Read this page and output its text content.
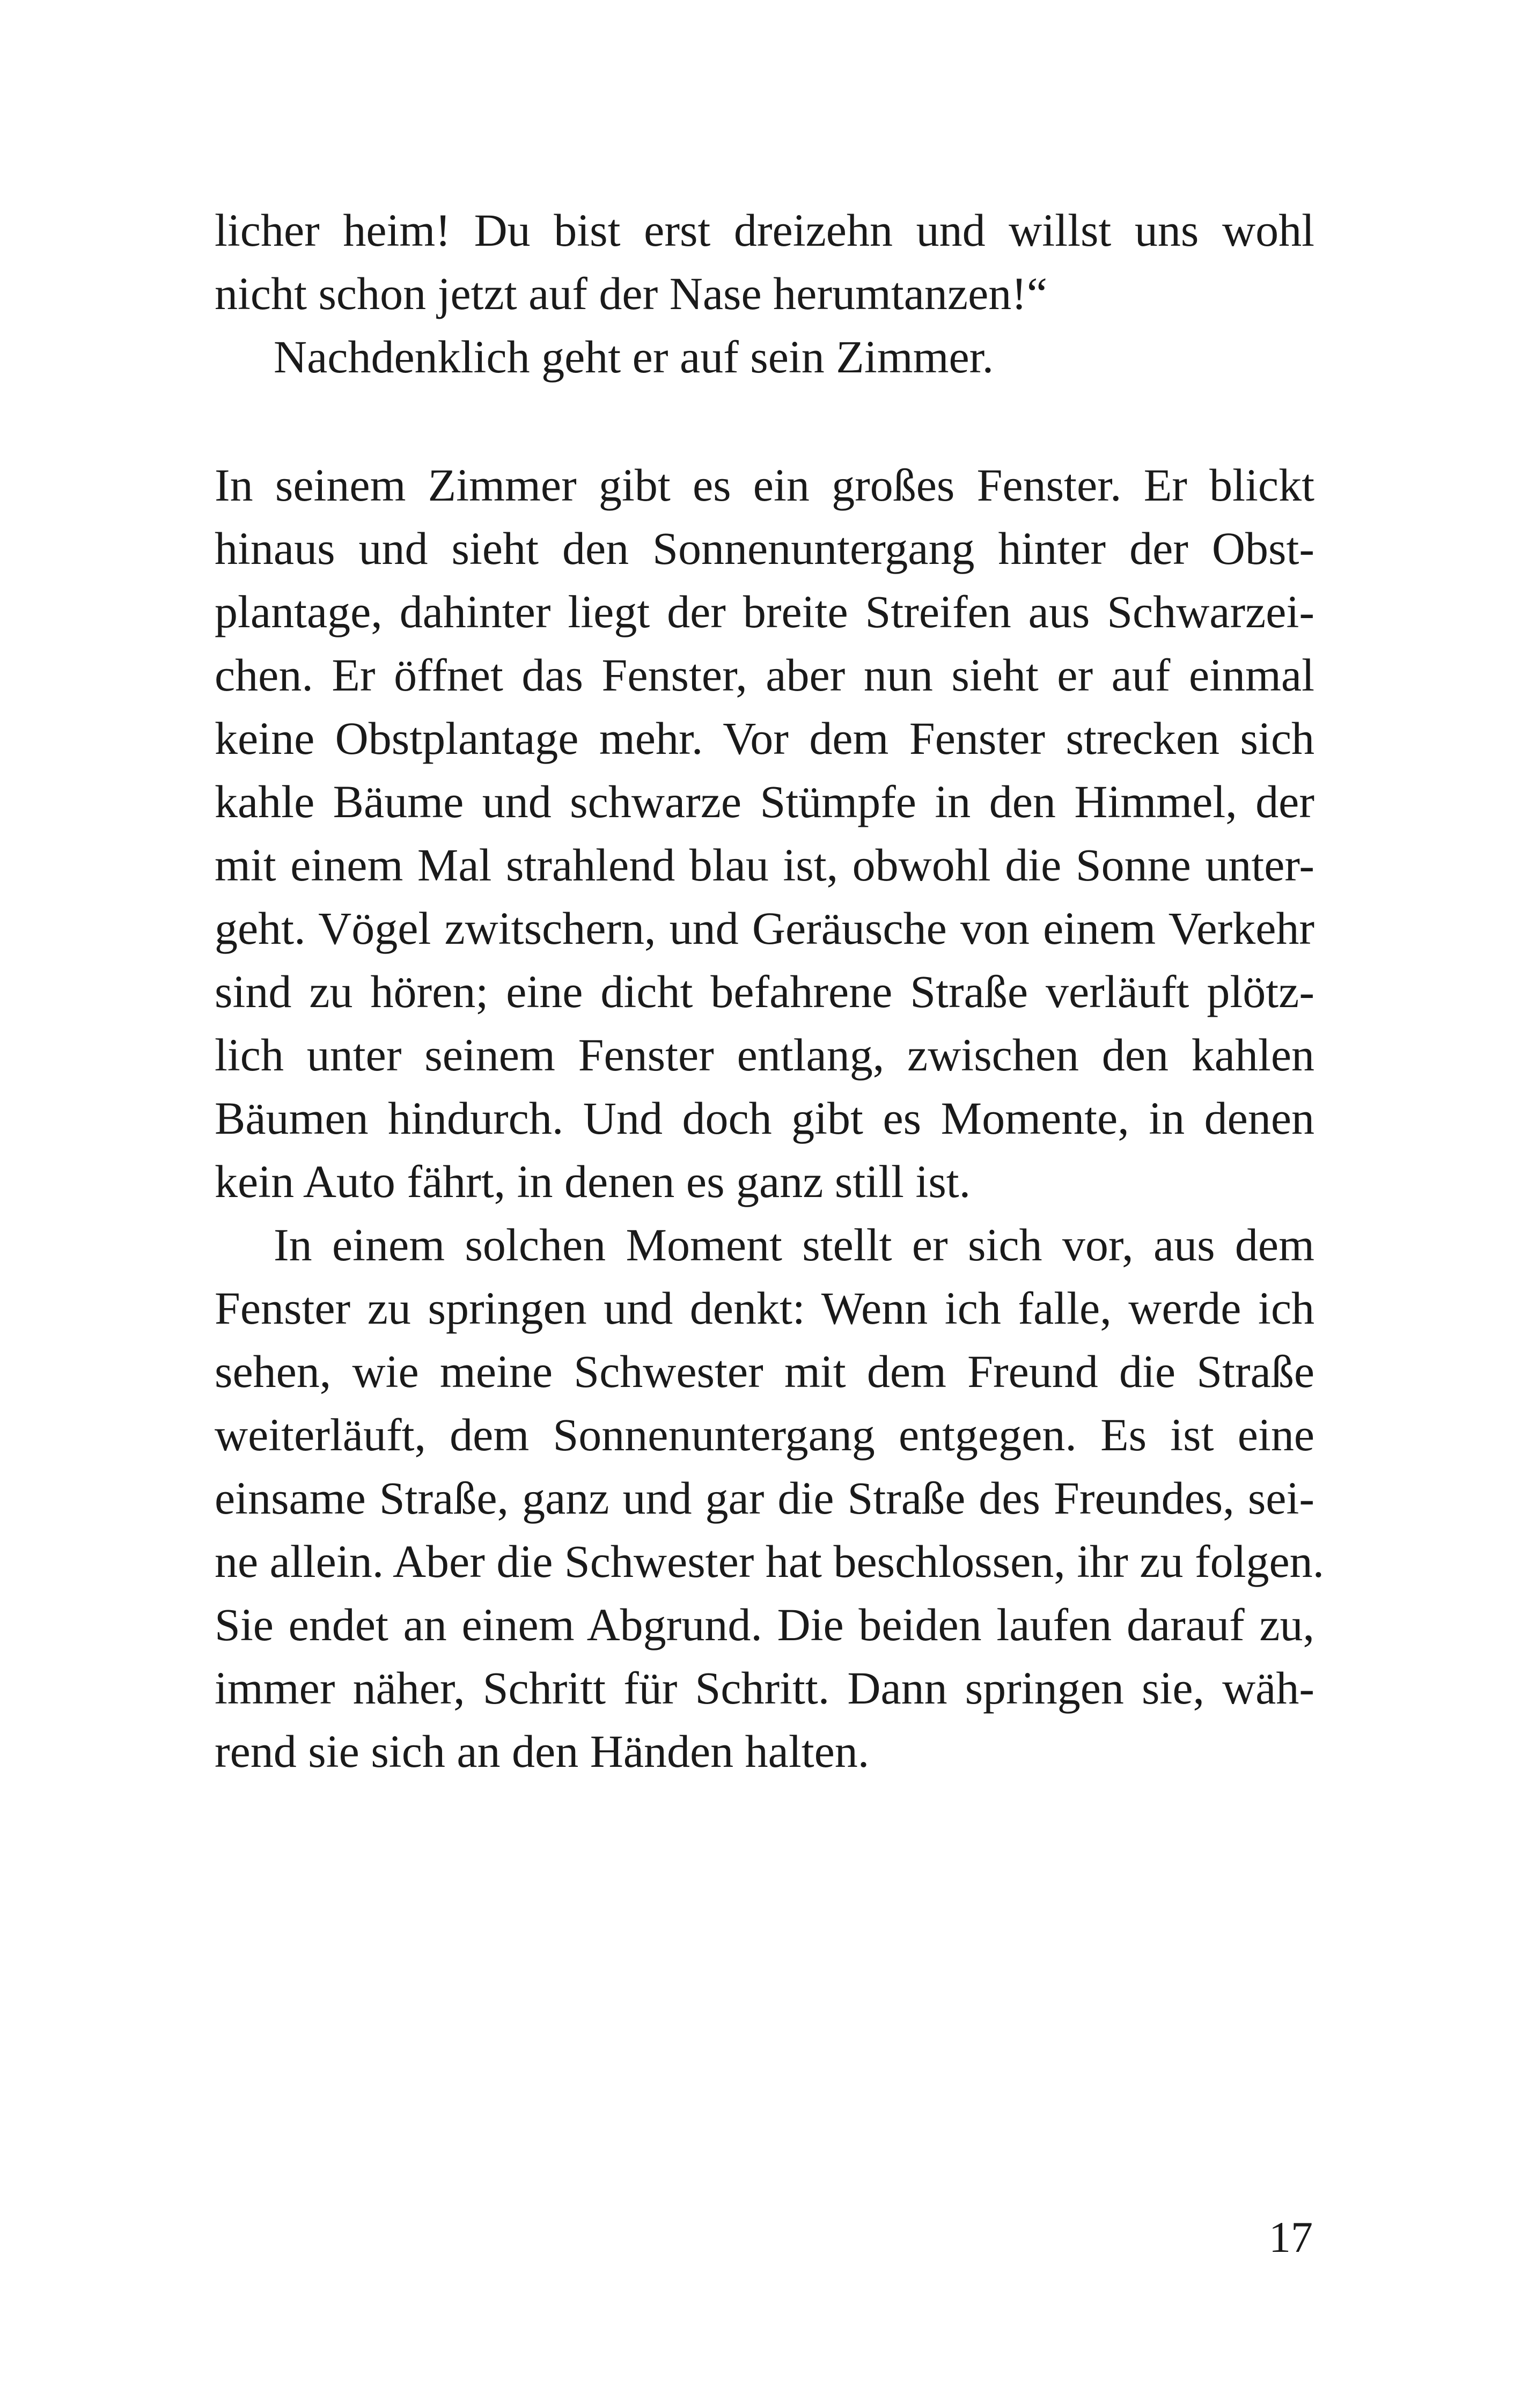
licher heim! Du bist erst dreizehn und willst uns wohl
nicht schon jetzt auf der Nase herumtanzen!“
Nachdenklich geht er auf sein Zimmer.
In seinem Zimmer gibt es ein großes Fenster. Er blickt
hinaus und sieht den Sonnenuntergang hinter der Obst-
plantage, dahinter liegt der breite Streifen aus Schwarzei-
chen. Er öffnet das Fenster, aber nun sieht er auf einmal
keine Obstplantage mehr. Vor dem Fenster strecken sich
kahle Bäume und schwarze Stümpfe in den Himmel, der
mit einem Mal strahlend blau ist, obwohl die Sonne unter-
geht. Vögel zwitschern, und Geräusche von einem Verkehr
sind zu hören; eine dicht befahrene Straße verläuft plötz-
lich unter seinem Fenster entlang, zwischen den kahlen
Bäumen hindurch. Und doch gibt es Momente, in denen
kein Auto fährt, in denen es ganz still ist.
In einem solchen Moment stellt er sich vor, aus dem
Fenster zu springen und denkt: Wenn ich falle, werde ich
sehen, wie meine Schwester mit dem Freund die Straße
weiterläuft, dem Sonnenuntergang entgegen. Es ist eine
einsame Straße, ganz und gar die Straße des Freundes, sei-
ne allein. Aber die Schwester hat beschlossen, ihr zu folgen.
Sie endet an einem Abgrund. Die beiden laufen darauf zu,
immer näher, Schritt für Schritt. Dann springen sie, wäh-
rend sie sich an den Händen halten.
17
